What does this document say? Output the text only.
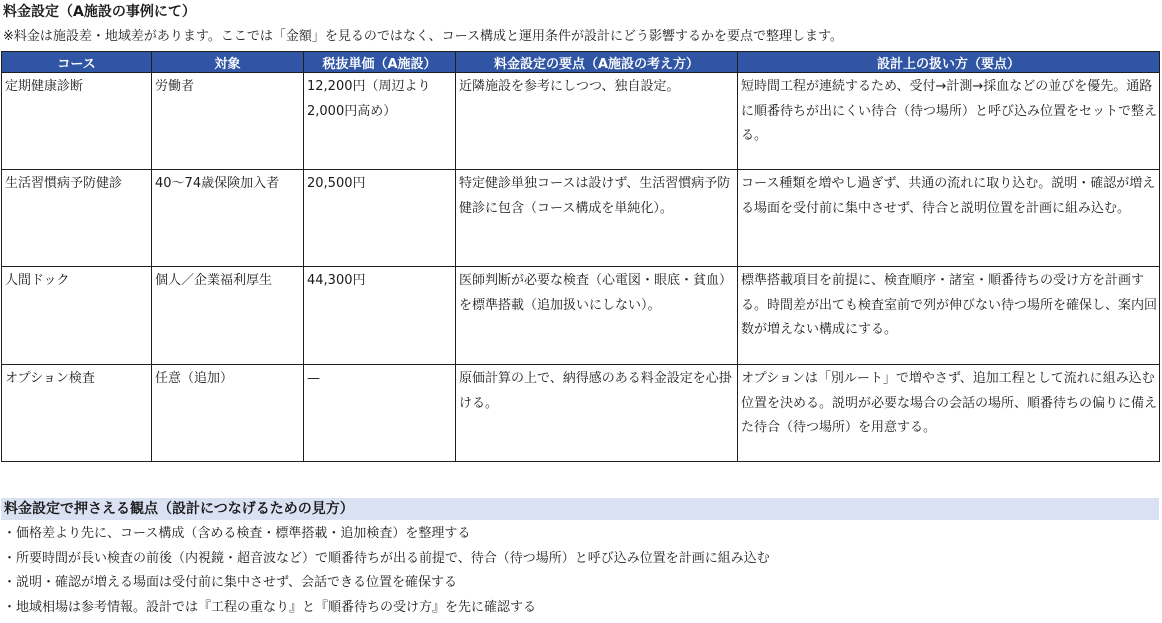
料金設定（A施設の事例にて）
※料金は施設差・地域差があります。ここでは「金額」を見るのではなく、コース構成と運用条件が設計にどう影響するかを要点で整理します。
コース	対象	税抜単価（A施設）	料金設定の要点（A施設の考え方）	設計上の扱い方（要点）
定期健康診断	労働者	12,200円（周辺より2,000円高め）	近隣施設を参考にしつつ、独自設定。	短時間工程が連続するため、受付→計測→採血などの並びを優先。通路に順番待ちが出にくい待合（待つ場所）と呼び込み位置をセットで整える。
生活習慣病予防健診	40〜74歳保険加入者	20,500円	特定健診単独コースは設けず、生活習慣病予防健診に包含（コース構成を単純化）。	コース種類を増やし過ぎず、共通の流れに取り込む。説明・確認が増える場面を受付前に集中させず、待合と説明位置を計画に組み込む。
人間ドック	個人／企業福利厚生	44,300円	医師判断が必要な検査（心電図・眼底・貧血）を標準搭載（追加扱いにしない）。	標準搭載項目を前提に、検査順序・諸室・順番待ちの受け方を計画する。時間差が出ても検査室前で列が伸びない待つ場所を確保し、案内回数が増えない構成にする。
オプション検査	任意（追加）	—	原価計算の上で、納得感のある料金設定を心掛ける。	オプションは「別ルート」で増やさず、追加工程として流れに組み込む位置を決める。説明が必要な場合の会話の場所、順番待ちの偏りに備えた待合（待つ場所）を用意する。
料金設定で押さえる観点（設計につなげるための見方）
・価格差より先に、コース構成（含める検査・標準搭載・追加検査）を整理する
・所要時間が長い検査の前後（内視鏡・超音波など）で順番待ちが出る前提で、待合（待つ場所）と呼び込み位置を計画に組み込む
・説明・確認が増える場面は受付前に集中させず、会話できる位置を確保する
・地域相場は参考情報。設計では『工程の重なり』と『順番待ちの受け方』を先に確認する
